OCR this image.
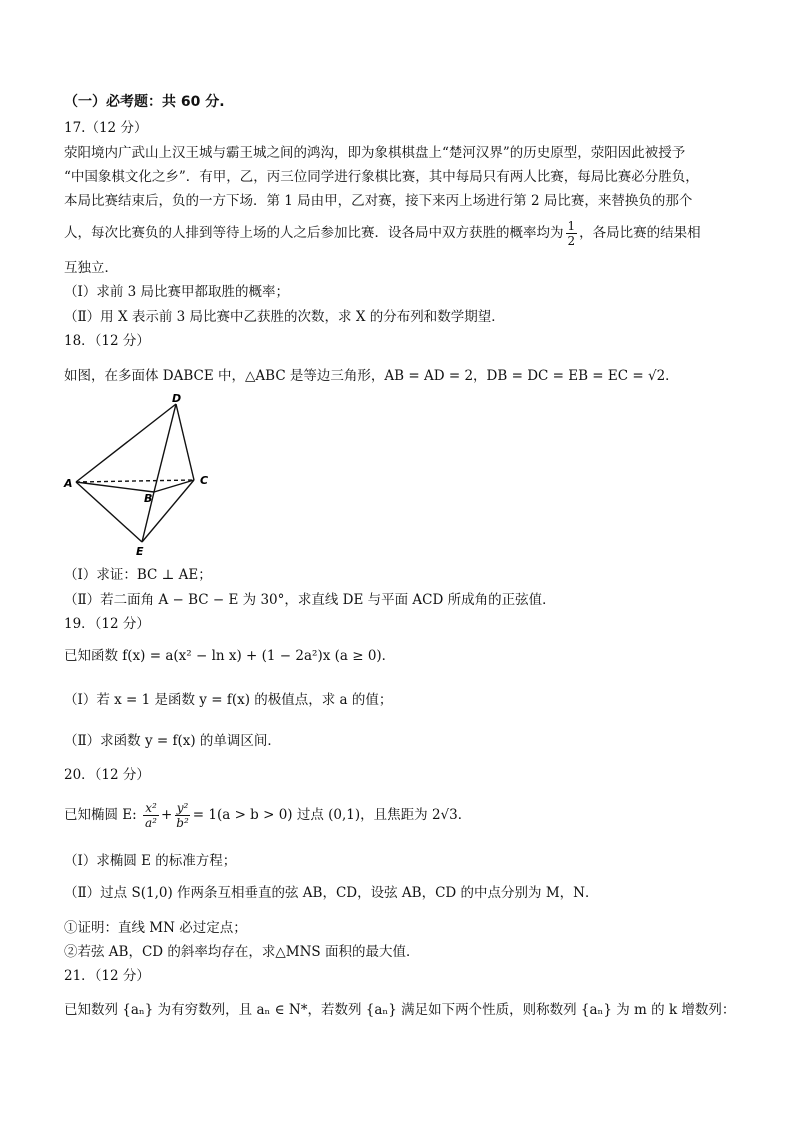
（一）必考题：共 60 分.
17.（12 分）
荥阳境内广武山上汉王城与霸王城之间的鸿沟，即为象棋棋盘上“楚河汉界”的历史原型，荥阳因此被授予
“中国象棋文化之乡”．有甲，乙，丙三位同学进行象棋比赛，其中每局只有两人比赛，每局比赛必分胜负，
本局比赛结束后，负的一方下场．第 1 局由甲，乙对赛，接下来丙上场进行第 2 局比赛，来替换负的那个
人，每次比赛负的人排到等待上场的人之后参加比赛．设各局中双方获胜的概率均为 $\frac{1}{2}$ ，各局比赛的结果相
互独立．
（Ⅰ）求前 3 局比赛甲都取胜的概率；
（Ⅱ）用 X 表示前 3 局比赛中乙获胜的次数，求 X 的分布列和数学期望．
18．（12 分）
如图，在多面体 DABCE 中，△ABC 是等边三角形，AB = AD = 2，DB = DC = EB = EC = √2．
D
A
B
C
E
（Ⅰ）求证：BC ⊥ AE；
（Ⅱ）若二面角 A − BC − E 为 30°，求直线 DE 与平面 ACD 所成角的正弦值．
19．（12 分）
已知函数 f(x) = a(x² − ln x) + (1 − 2a²)x (a ≥ 0)．
（Ⅰ）若 x = 1 是函数 y = f(x) 的极值点，求 a 的值；
（Ⅱ）求函数 y = f(x) 的单调区间．
20．（12 分）
已知椭圆 E: $\frac{\text{x²}}{\text{a²}} + \frac{\text{y²}}{\text{b²}} = 1(a > b > 0)$ 过点 (0,1)，且焦距为 2√3．
（Ⅰ）求椭圆 E 的标准方程；
（Ⅱ）过点 S(1,0) 作两条互相垂直的弦 AB，CD，设弦 AB，CD 的中点分别为 M，N．
①证明：直线 MN 必过定点；
②若弦 AB，CD 的斜率均存在，求△MNS 面积的最大值．
21．（12 分）
已知数列 {aₙ} 为有穷数列，且 aₙ ∈ N*，若数列 {aₙ} 满足如下两个性质，则称数列 {aₙ} 为 m 的 k 增数列：
